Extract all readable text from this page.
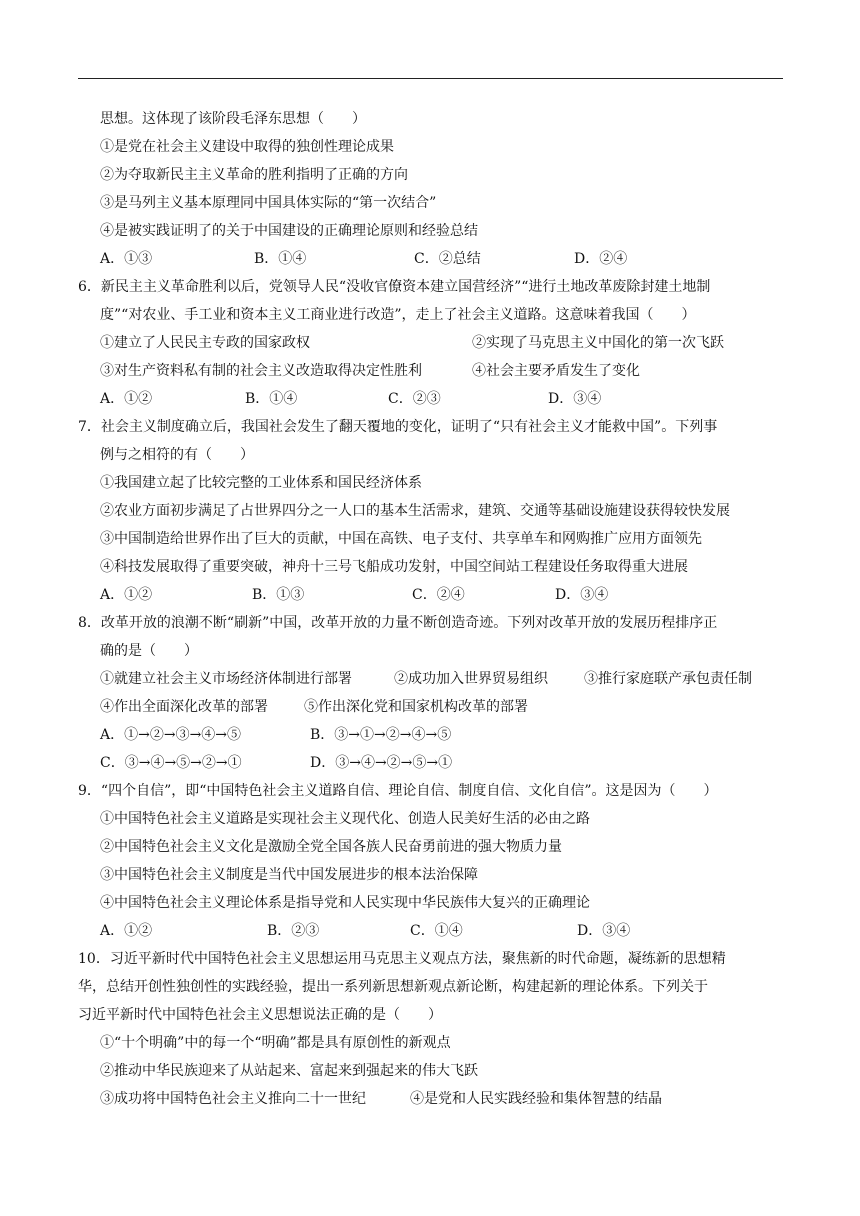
思想。这体现了该阶段毛泽东思想（　　）
①是党在社会主义建设中取得的独创性理论成果
②为夺取新民主主义革命的胜利指明了正确的方向
③是马列主义基本原理同中国具体实际的“第一次结合”
④是被实践证明了的关于中国建设的正确理论原则和经验总结
A．①③	B．①④	C．②总结	D．②④
6．新民主主义革命胜利以后，党领导人民“没收官僚资本建立国营经济”“进行土地改革废除封建土地制
度”“对农业、手工业和资本主义工商业进行改造”，走上了社会主义道路。这意味着我国（　　）
①建立了人民民主专政的国家政权	②实现了马克思主义中国化的第一次飞跃
③对生产资料私有制的社会主义改造取得决定性胜利	④社会主要矛盾发生了变化
A．①②	B．①④	C．②③	D．③④
7．社会主义制度确立后，我国社会发生了翻天覆地的变化，证明了“只有社会主义才能救中国”。下列事
例与之相符的有（　　）
①我国建立起了比较完整的工业体系和国民经济体系
②农业方面初步满足了占世界四分之一人口的基本生活需求，建筑、交通等基础设施建设获得较快发展
③中国制造给世界作出了巨大的贡献，中国在高铁、电子支付、共享单车和网购推广应用方面领先
④科技发展取得了重要突破，神舟十三号飞船成功发射，中国空间站工程建设任务取得重大进展
A．①②	B．①③	C．②④	D．③④
8．改革开放的浪潮不断“刷新”中国，改革开放的力量不断创造奇迹。下列对改革开放的发展历程排序正
确的是（　　）
①就建立社会主义市场经济体制进行部署	②成功加入世界贸易组织	③推行家庭联产承包责任制
④作出全面深化改革的部署	⑤作出深化党和国家机构改革的部署
A．①→②→③→④→⑤	B．③→①→②→④→⑤
C．③→④→⑤→②→①	D．③→④→②→⑤→①
9．“四个自信”，即“中国特色社会主义道路自信、理论自信、制度自信、文化自信”。这是因为（　　）
①中国特色社会主义道路是实现社会主义现代化、创造人民美好生活的必由之路
②中国特色社会主义文化是激励全党全国各族人民奋勇前进的强大物质力量
③中国特色社会主义制度是当代中国发展进步的根本法治保障
④中国特色社会主义理论体系是指导党和人民实现中华民族伟大复兴的正确理论
A．①②	B．②③	C．①④	D．③④
10．习近平新时代中国特色社会主义思想运用马克思主义观点方法，聚焦新的时代命题，凝练新的思想精
华，总结开创性独创性的实践经验，提出一系列新思想新观点新论断，构建起新的理论体系。下列关于
习近平新时代中国特色社会主义思想说法正确的是（　　）
①“十个明确”中的每一个“明确”都是具有原创性的新观点
②推动中华民族迎来了从站起来、富起来到强起来的伟大飞跃
③成功将中国特色社会主义推向二十一世纪	④是党和人民实践经验和集体智慧的结晶
